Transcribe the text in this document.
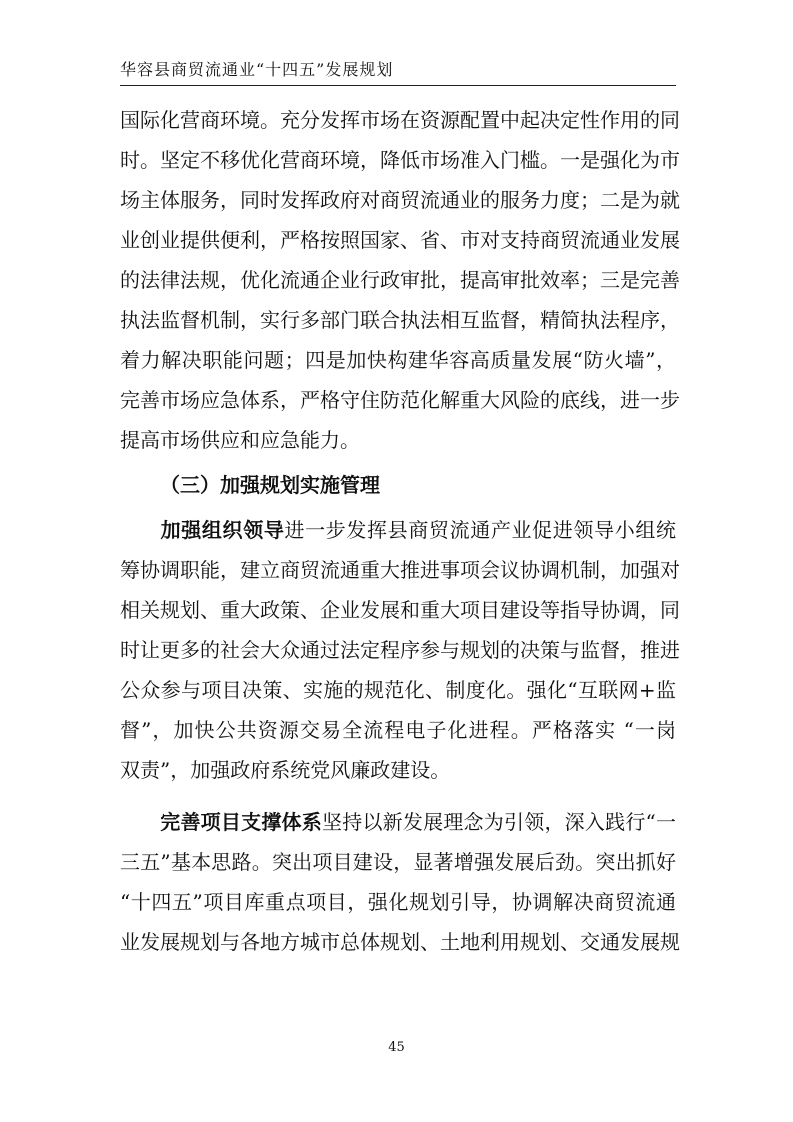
华容县商贸流通业“十四五”发展规划
国际化营商环境。充分发挥市场在资源配置中起决定性作用的同
时。坚定不移优化营商环境，降低市场准入门槛。一是强化为市
场主体服务，同时发挥政府对商贸流通业的服务力度；二是为就
业创业提供便利，严格按照国家、省、市对支持商贸流通业发展
的法律法规，优化流通企业行政审批，提高审批效率；三是完善
执法监督机制，实行多部门联合执法相互监督，精简执法程序，
着力解决职能问题；四是加快构建华容高质量发展“防火墙”，
完善市场应急体系，严格守住防范化解重大风险的底线，进一步
提高市场供应和应急能力。
（三）加强规划实施管理
加强组织领导进一步发挥县商贸流通产业促进领导小组统
筹协调职能，建立商贸流通重大推进事项会议协调机制，加强对
相关规划、重大政策、企业发展和重大项目建设等指导协调，同
时让更多的社会大众通过法定程序参与规划的决策与监督，推进
公众参与项目决策、实施的规范化、制度化。强化“互联网+监
督”，加快公共资源交易全流程电子化进程。严格落实 “一岗
双责”，加强政府系统党风廉政建设。
完善项目支撑体系坚持以新发展理念为引领，深入践行“一
三五”基本思路。突出项目建设，显著增强发展后劲。突出抓好
“十四五”项目库重点项目，强化规划引导，协调解决商贸流通
业发展规划与各地方城市总体规划、土地利用规划、交通发展规
45
